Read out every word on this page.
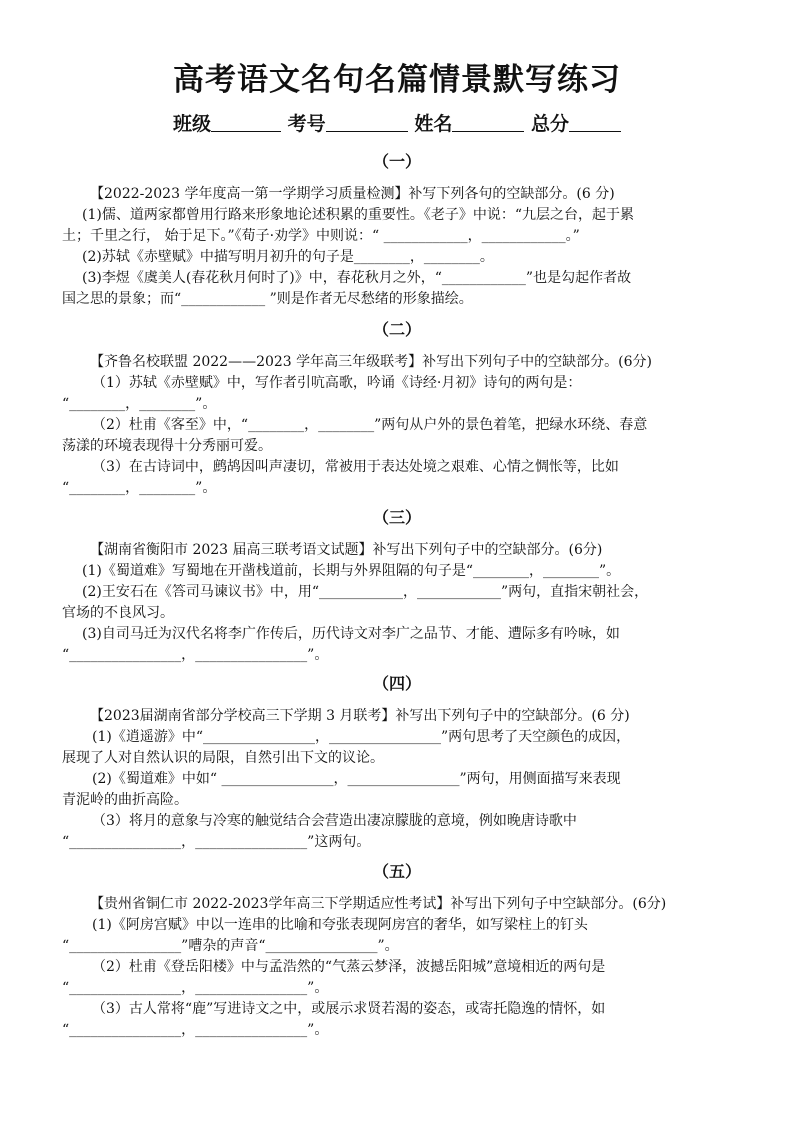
高考语文名句名篇情景默写练习
班级	考号	姓名	总分
（一）
【2022-2023 学年度高一第一学期学习质量检测】补写下列各句的空缺部分。(6 分)
(1)儒、道两家都曾用行路来形象地论述积累的重要性。《老子》中说：“九层之台，起于累
土；千里之行， 始于足下。”《荀子·劝学》中则说：“ ____________，____________。”
(2)苏轼《赤壁赋》中描写明月初升的句子是________，________。
(3)李煜《虞美人(春花秋月何时了)》中，春花秋月之外，“____________”也是勾起作者故
国之思的景象；而“____________ ”则是作者无尽愁绪的形象描绘。
（二）
【齐鲁名校联盟 2022——2023 学年高三年级联考】补写出下列句子中的空缺部分。(6分)
（1）苏轼《赤壁赋》中，写作者引吭高歌，吟诵《诗经·月初》诗句的两句是：
“________，________”。
（2）杜甫《客至》中，“________，________”两句从户外的景色着笔，把绿水环绕、春意
荡漾的环境表现得十分秀丽可爱。
（3）在古诗词中，鹧鸪因叫声凄切，常被用于表达处境之艰难、心情之惆怅等，比如
“________，________”。
（三）
【湖南省衡阳市 2023 届高三联考语文试题】补写出下列句子中的空缺部分。(6分)
(1)《蜀道难》写蜀地在开凿栈道前，长期与外界阻隔的句子是“________，________”。
(2)王安石在《答司马谏议书》中，用“____________，____________”两句，直指宋朝社会，
官场的不良风习。
(3)自司马迁为汉代名将李广作传后，历代诗文对李广之品节、才能、遭际多有吟咏，如
“________________，________________”。
（四）
【2023届湖南省部分学校高三下学期 3 月联考】补写出下列句子中的空缺部分。(6 分)
(1)《逍遥游》中“________________，________________”两句思考了天空颜色的成因，
展现了人对自然认识的局限，自然引出下文的议论。
(2)《蜀道难》中如“ ________________，________________”两句，用侧面描写来表现
青泥岭的曲折高险。
（3）将月的意象与冷寒的触觉结合会营造出凄凉朦胧的意境，例如晚唐诗歌中
“________________，________________”这两句。
（五）
【贵州省铜仁市 2022-2023学年高三下学期适应性考试】补写出下列句子中空缺部分。(6分)
(1)《阿房宫赋》中以一连串的比喻和夸张表现阿房宫的奢华，如写梁柱上的钉头
“________________”嘈杂的声音“________________”。
（2）杜甫《登岳阳楼》中与孟浩然的“气蒸云梦泽，波撼岳阳城”意境相近的两句是
“________________，________________”。
（3）古人常将“鹿”写进诗文之中，或展示求贤若渴的姿态，或寄托隐逸的情怀，如
“________________，________________”。
